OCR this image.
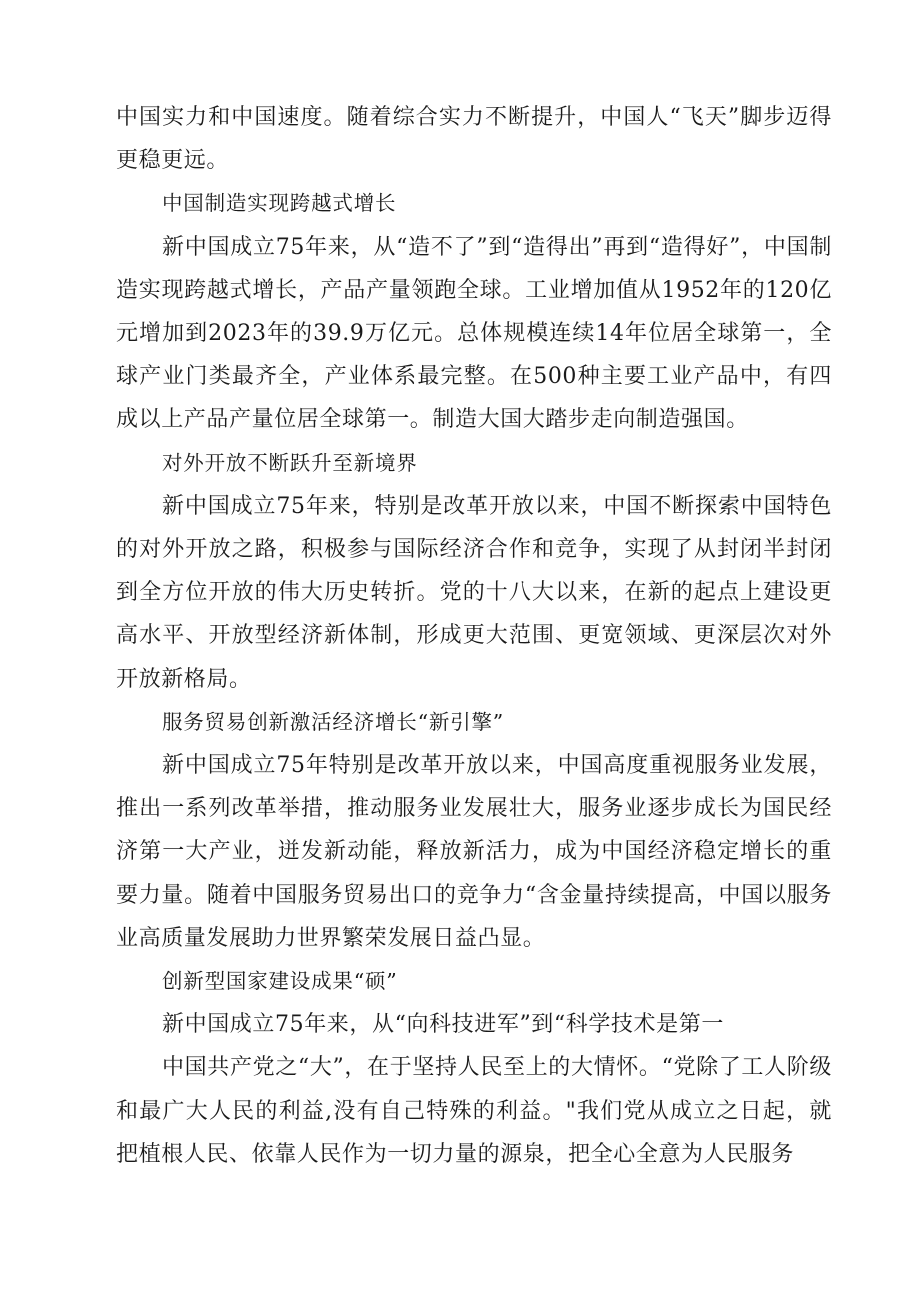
中国实力和中国速度。随着综合实力不断提升，中国人“飞天”脚步迈得更稳更远。

中国制造实现跨越式增长

新中国成立75年来，从“造不了”到“造得出”再到“造得好”，中国制造实现跨越式增长，产品产量领跑全球。工业增加值从1952年的120亿元增加到2023年的39.9万亿元。总体规模连续14年位居全球第一，全球产业门类最齐全，产业体系最完整。在500种主要工业产品中，有四成以上产品产量位居全球第一。制造大国大踏步走向制造强国。

对外开放不断跃升至新境界

新中国成立75年来，特别是改革开放以来，中国不断探索中国特色的对外开放之路，积极参与国际经济合作和竞争，实现了从封闭半封闭到全方位开放的伟大历史转折。党的十八大以来，在新的起点上建设更高水平、开放型经济新体制，形成更大范围、更宽领域、更深层次对外开放新格局。

服务贸易创新激活经济增长“新引擎”

新中国成立75年特别是改革开放以来，中国高度重视服务业发展，推出一系列改革举措，推动服务业发展壮大，服务业逐步成长为国民经济第一大产业，迸发新动能，释放新活力，成为中国经济稳定增长的重要力量。随着中国服务贸易出口的竞争力“含金量持续提高，中国以服务业高质量发展助力世界繁荣发展日益凸显。

创新型国家建设成果“硕”

新中国成立75年来，从“向科技进军”到“科学技术是第一

中国共产党之“大”，在于坚持人民至上的大情怀。“党除了工人阶级和最广大人民的利益,没有自己特殊的利益。"我们党从成立之日起，就把植根人民、依靠人民作为一切力量的源泉，把全心全意为人民服务
